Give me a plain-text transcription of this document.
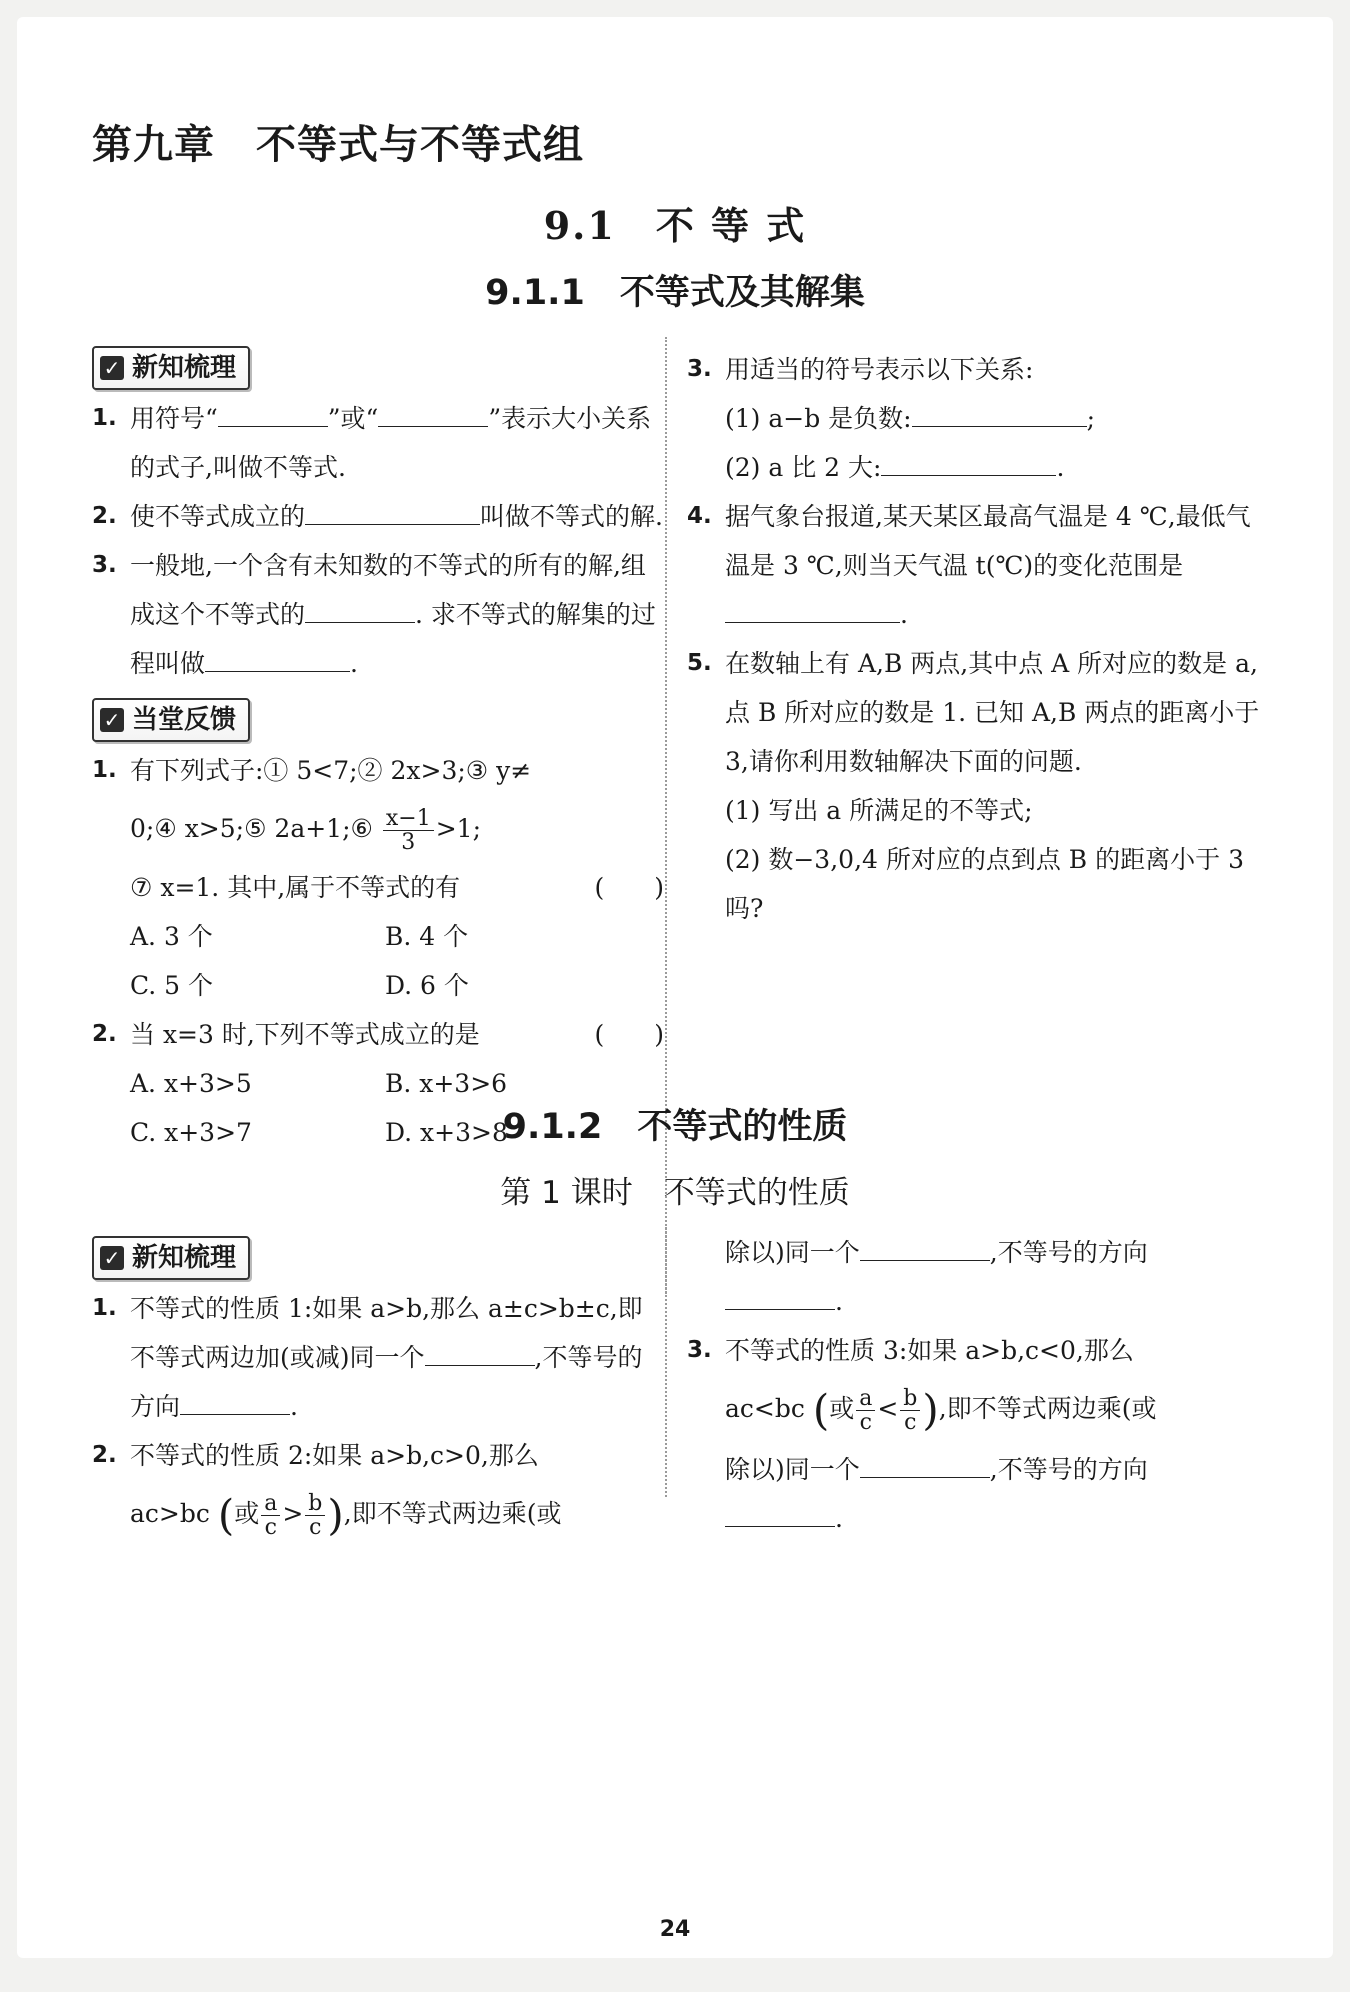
第九章　不等式与不等式组
9.1　不 等 式
9.1.1　不等式及其解集
✓ 新知梳理
1. 用符号“	”或“	”表示大小关系的式子,叫做不等式.
2. 使不等式成立的	叫做不等式的解.
3. 一般地,一个含有未知数的不等式的所有的解,组成这个不等式的	. 求不等式的解集的过程叫做	.
✓ 当堂反馈
1. 有下列式子:① 5<7;② 2x>3;③ y≠
0;④ x>5;⑤ 2a+1;⑥ $\frac{x-1}{3} >1$;
⑦ x=1. 其中,属于不等式的有	(　　)
A. 3 个	B. 4 个
C. 5 个	D. 6 个
2. 当 x=3 时,下列不等式成立的是	(　　)
A. x+3>5	B. x+3>6
C. x+3>7	D. x+3>8
3. 用适当的符号表示以下关系:
(1) a−b 是负数:	;
(2) a 比 2 大:	.
4. 据气象台报道,某天某区最高气温是 4 ℃,最低气温是 3 ℃,则当天气温 t(℃)的变化范围是.
5. 在数轴上有 A,B 两点,其中点 A 所对应的数是 a,点 B 所对应的数是 1. 已知 A,B 两点的距离小于 3,请你利用数轴解决下面的问题.
(1) 写出 a 所满足的不等式;
(2) 数−3,0,4 所对应的点到点 B 的距离小于 3 吗?
9.1.2　不等式的性质
第 1 课时　不等式的性质
✓ 新知梳理
1. 不等式的性质 1:如果 a>b,那么 a±c>b±c,即不等式两边加(或减)同一个	,不等号的方向	.
2. 不等式的性质 2:如果 a>b,c>0,那么
ac>bc (或 $\frac{a}{c} > \frac{b}{c}$ ),即不等式两边乘(或
除以)同一个	,不等号的方向
.
3. 不等式的性质 3:如果 a>b,c<0,那么
ac<bc (或 $\frac{a}{c} < \frac{b}{c}$ ),即不等式两边乘(或
除以)同一个	,不等号的方向
.
24
